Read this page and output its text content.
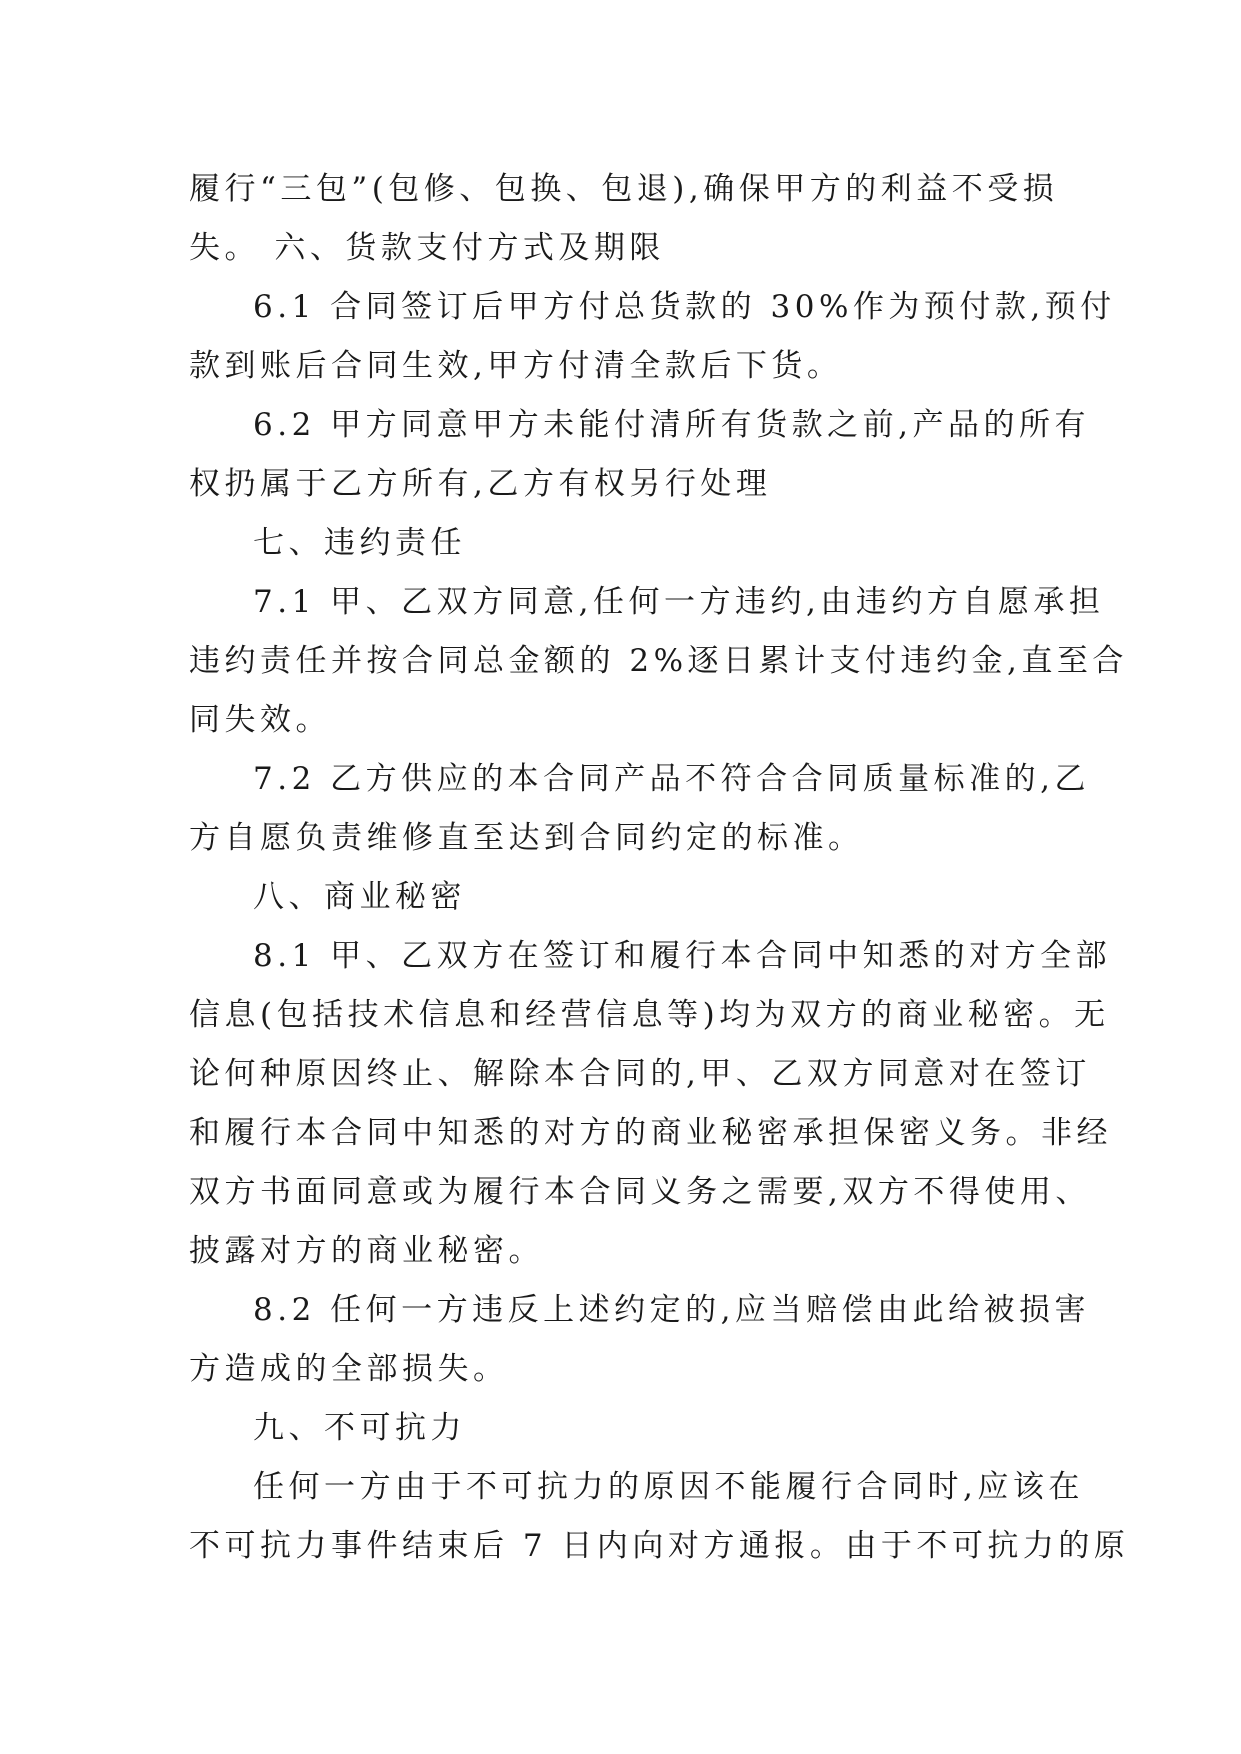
履行“三包”(包修、包换、包退),确保甲方的利益不受损
失。 六、货款支付方式及期限
6.1 合同签订后甲方付总货款的 30%作为预付款,预付
款到账后合同生效,甲方付清全款后下货。
6.2 甲方同意甲方未能付清所有货款之前,产品的所有
权扔属于乙方所有,乙方有权另行处理
七、违约责任
7.1 甲、乙双方同意,任何一方违约,由违约方自愿承担
违约责任并按合同总金额的 2%逐日累计支付违约金,直至合
同失效。
7.2 乙方供应的本合同产品不符合合同质量标准的,乙
方自愿负责维修直至达到合同约定的标准。
八、商业秘密
8.1 甲、乙双方在签订和履行本合同中知悉的对方全部
信息(包括技术信息和经营信息等)均为双方的商业秘密。无
论何种原因终止、解除本合同的,甲、乙双方同意对在签订
和履行本合同中知悉的对方的商业秘密承担保密义务。非经
双方书面同意或为履行本合同义务之需要,双方不得使用、
披露对方的商业秘密。
8.2 任何一方违反上述约定的,应当赔偿由此给被损害
方造成的全部损失。
九、不可抗力
任何一方由于不可抗力的原因不能履行合同时,应该在
不可抗力事件结束后 7 日内向对方通报。由于不可抗力的原
